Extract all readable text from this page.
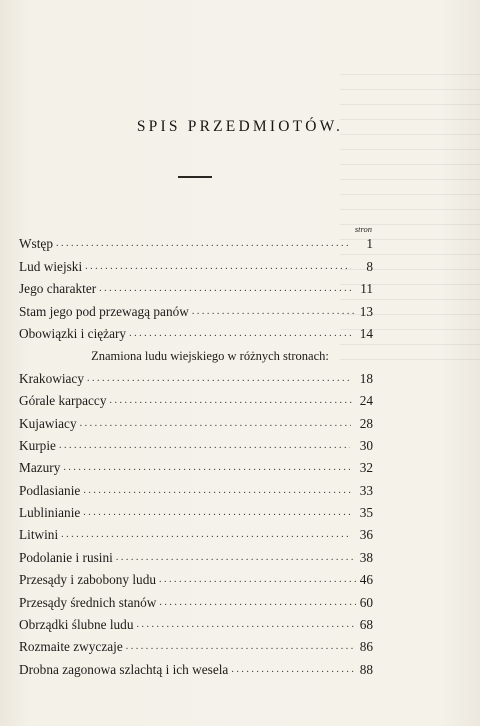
SPIS PRZEDMIOTÓW.
stron
Wstęp . . .	1
Lud wiejski . . .	8
Jego charakter . . .	11
Stam jego pod przewagą panów . . .	13
Obowiązki i ciężary . . .	14
Znamiona ludu wiejskiego w różnych stronach:
Krakowiacy . . .	18
Górale karpaccy . . .	24
Kujawiacy . . .	28
Kurpie . . .	30
Mazury . . .	32
Podlasianie . . .	33
Lublinianie . . .	35
Litwini . . .	36
Podolanie i rusini . . .	38
Przesądy i zabobony ludu . . .	46
Przesądy średnich stanów . . .	60
Obrządki ślubne ludu . . .	68
Rozmaite zwyczaje . . .	86
Drobna zagonowa szlachtą i ich wesela . . .	88
